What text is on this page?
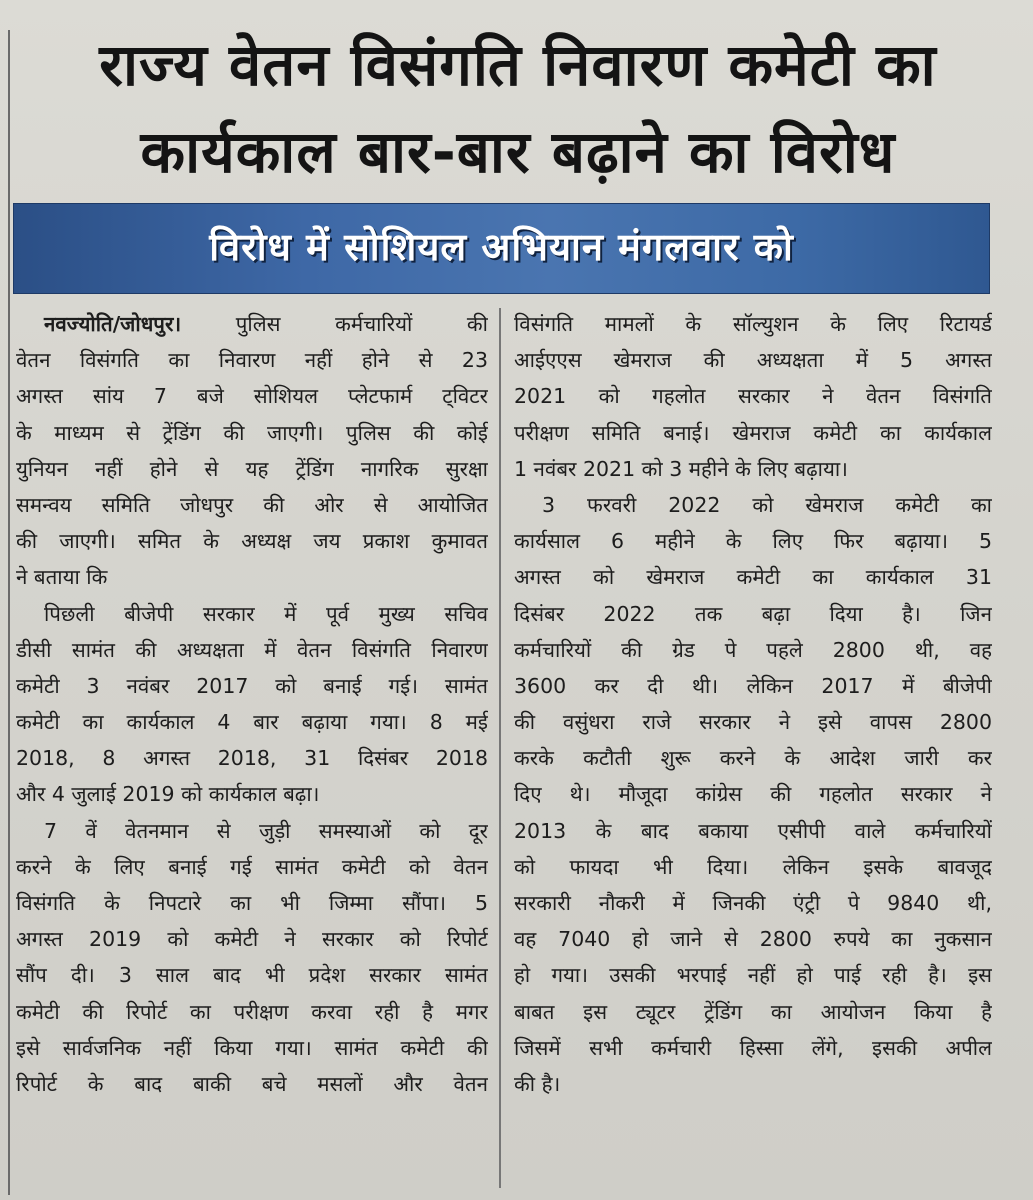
राज्य वेतन विसंगति निवारण कमेटी का
कार्यकाल बार-बार बढ़ाने का विरोध
विरोध में सोशियल अभियान मंगलवार को
नवज्योति/जोधपुर। पुलिस कर्मचारियों की
वेतन विसंगति का निवारण नहीं होने से 23
अगस्त सांय 7 बजे सोशियल प्लेटफार्म ट्विटर
के माध्यम से ट्रेंडिंग की जाएगी। पुलिस की कोई
युनियन नहीं होने से यह ट्रेंडिंग नागरिक सुरक्षा
समन्वय समिति जोधपुर की ओर से आयोजित
की जाएगी। समित के अध्यक्ष जय प्रकाश कुमावत
ने बताया कि
पिछली बीजेपी सरकार में पूर्व मुख्य सचिव
डीसी सामंत की अध्यक्षता में वेतन विसंगति निवारण
कमेटी 3 नवंबर 2017 को बनाई गई। सामंत
कमेटी का कार्यकाल 4 बार बढ़ाया गया। 8 मई
2018, 8 अगस्त 2018, 31 दिसंबर 2018
और 4 जुलाई 2019 को कार्यकाल बढ़ा।
7 वें वेतनमान से जुड़ी समस्याओं को दूर
करने के लिए बनाई गई सामंत कमेटी को वेतन
विसंगति के निपटारे का भी जिम्मा सौंपा। 5
अगस्त 2019 को कमेटी ने सरकार को रिपोर्ट
सौंप दी। 3 साल बाद भी प्रदेश सरकार सामंत
कमेटी की रिपोर्ट का परीक्षण करवा रही है मगर
इसे सार्वजनिक नहीं किया गया। सामंत कमेटी की
रिपोर्ट के बाद बाकी बचे मसलों और वेतन
विसंगति मामलों के सॉल्युशन के लिए रिटायर्ड
आईएएस खेमराज की अध्यक्षता में 5 अगस्त
2021 को गहलोत सरकार ने वेतन विसंगति
परीक्षण समिति बनाई। खेमराज कमेटी का कार्यकाल
1 नवंबर 2021 को 3 महीने के लिए बढ़ाया।
3 फरवरी 2022 को खेमराज कमेटी का
कार्यसाल 6 महीने के लिए फिर बढ़ाया। 5
अगस्त को खेमराज कमेटी का कार्यकाल 31
दिसंबर 2022 तक बढ़ा दिया है। जिन
कर्मचारियों की ग्रेड पे पहले 2800 थी, वह
3600 कर दी थी। लेकिन 2017 में बीजेपी
की वसुंधरा राजे सरकार ने इसे वापस 2800
करके कटौती शुरू करने के आदेश जारी कर
दिए थे। मौजूदा कांग्रेस की गहलोत सरकार ने
2013 के बाद बकाया एसीपी वाले कर्मचारियों
को फायदा भी दिया। लेकिन इसके बावजूद
सरकारी नौकरी में जिनकी एंट्री पे 9840 थी,
वह 7040 हो जाने से 2800 रुपये का नुकसान
हो गया। उसकी भरपाई नहीं हो पाई रही है। इस
बाबत इस ट्यूटर ट्रेंडिंग का आयोजन किया है
जिसमें सभी कर्मचारी हिस्सा लेंगे, इसकी अपील
की है।
